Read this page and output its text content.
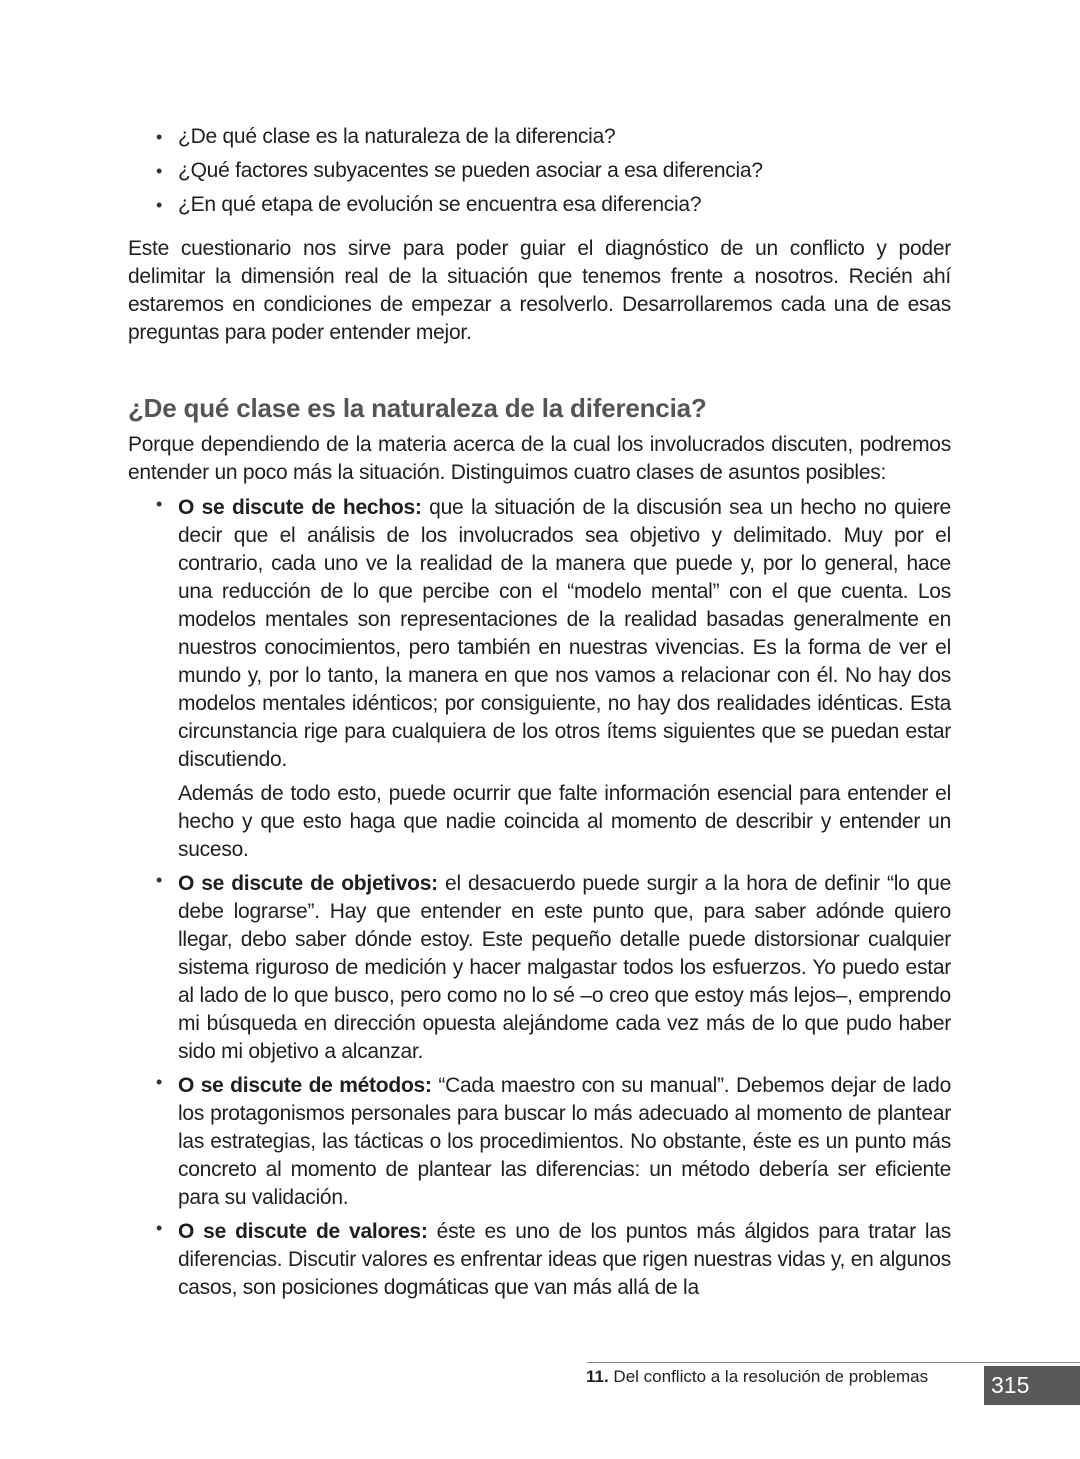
• ¿De qué clase es la naturaleza de la diferencia?
• ¿Qué factores subyacentes se pueden asociar a esa diferencia?
• ¿En qué etapa de evolución se encuentra esa diferencia?

Este cuestionario nos sirve para poder guiar el diagnóstico de un conflicto y poder delimitar la dimensión real de la situación que tenemos frente a nosotros. Recién ahí estaremos en condiciones de empezar a resolverlo. Desarrollaremos cada una de esas preguntas para poder entender mejor.

¿De qué clase es la naturaleza de la diferencia?

Porque dependiendo de la materia acerca de la cual los involucrados discuten, podremos entender un poco más la situación. Distinguimos cuatro clases de asuntos posibles:

• O se discute de hechos: que la situación de la discusión sea un hecho no quiere decir que el análisis de los involucrados sea objetivo y delimitado. Muy por el contrario, cada uno ve la realidad de la manera que puede y, por lo general, hace una reducción de lo que percibe con el “modelo mental” con el que cuenta. Los modelos mentales son representaciones de la realidad basadas generalmente en nuestros conocimientos, pero también en nuestras vivencias. Es la forma de ver el mundo y, por lo tanto, la manera en que nos vamos a relacionar con él. No hay dos modelos mentales idénticos; por consiguiente, no hay dos realidades idénticas. Esta circunstancia rige para cualquiera de los otros ítems siguientes que se puedan estar discutiendo.

Además de todo esto, puede ocurrir que falte información esencial para entender el hecho y que esto haga que nadie coincida al momento de describir y entender un suceso.

• O se discute de objetivos: el desacuerdo puede surgir a la hora de definir “lo que debe lograrse”. Hay que entender en este punto que, para saber adónde quiero llegar, debo saber dónde estoy. Este pequeño detalle puede distorsionar cualquier sistema riguroso de medición y hacer malgastar todos los esfuerzos. Yo puedo estar al lado de lo que busco, pero como no lo sé –o creo que estoy más lejos–, emprendo mi búsqueda en dirección opuesta alejándome cada vez más de lo que pudo haber sido mi objetivo a alcanzar.

• O se discute de métodos: “Cada maestro con su manual”. Debemos dejar de lado los protagonismos personales para buscar lo más adecuado al momento de plantear las estrategias, las tácticas o los procedimientos. No obstante, éste es un punto más concreto al momento de plantear las diferencias: un método debería ser eficiente para su validación.

• O se discute de valores: éste es uno de los puntos más álgidos para tratar las diferencias. Discutir valores es enfrentar ideas que rigen nuestras vidas y, en algunos casos, son posiciones dogmáticas que van más allá de la

11. Del conflicto a la resolución de problemas	315
